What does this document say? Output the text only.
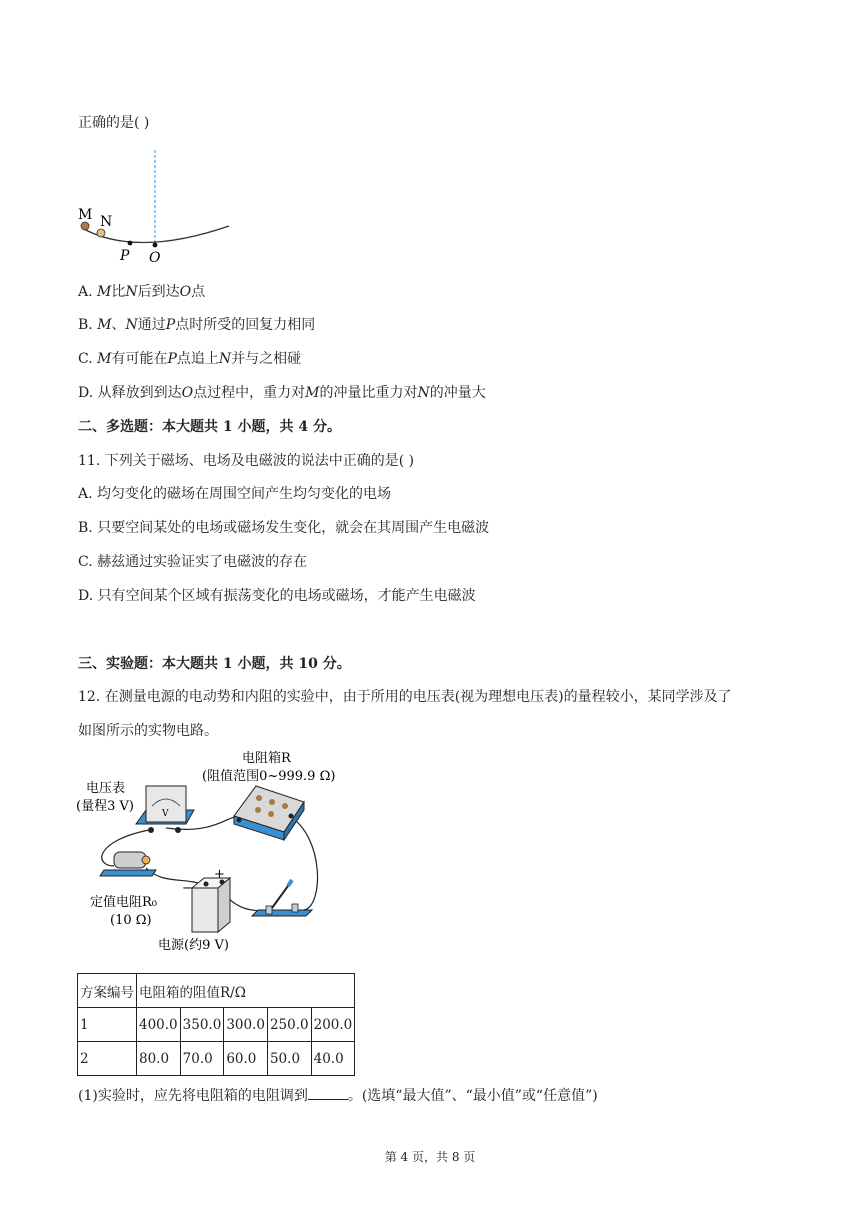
正确的是( )
M N
P O
A. M比N后到达O点
B. M、N通过P点时所受的回复力相同
C. M有可能在P点追上N并与之相碰
D. 从释放到到达O点过程中，重力对M的冲量比重力对N的冲量大
二、多选题：本大题共 1 小题，共 4 分。
11. 下列关于磁场、电场及电磁波的说法中正确的是( )
A. 均匀变化的磁场在周围空间产生均匀变化的电场
B. 只要空间某处的电场或磁场发生变化，就会在其周围产生电磁波
C. 赫兹通过实验证实了电磁波的存在
D. 只有空间某个区域有振荡变化的电场或磁场，才能产生电磁波
三、实验题：本大题共 1 小题，共 10 分。
12. 在测量电源的电动势和内阻的实验中，由于所用的电压表(视为理想电压表)的量程较小，某同学涉及了
如图所示的实物电路。
电阻箱R
(阻值范围0~999.9 Ω)
电压表
(量程3 V)
定值电阻R₀
(10 Ω)
电源(约9 V)
V
−
+
方案编号	电阻箱的阻值R/Ω				
1	400.0	350.0	300.0	250.0	200.0
2	80.0	70.0	60.0	50.0	40.0
(1)实验时，应先将电阻箱的电阻调到	。(选填“最大值”、“最小值”或“任意值”)
第 4 页，共 8 页
